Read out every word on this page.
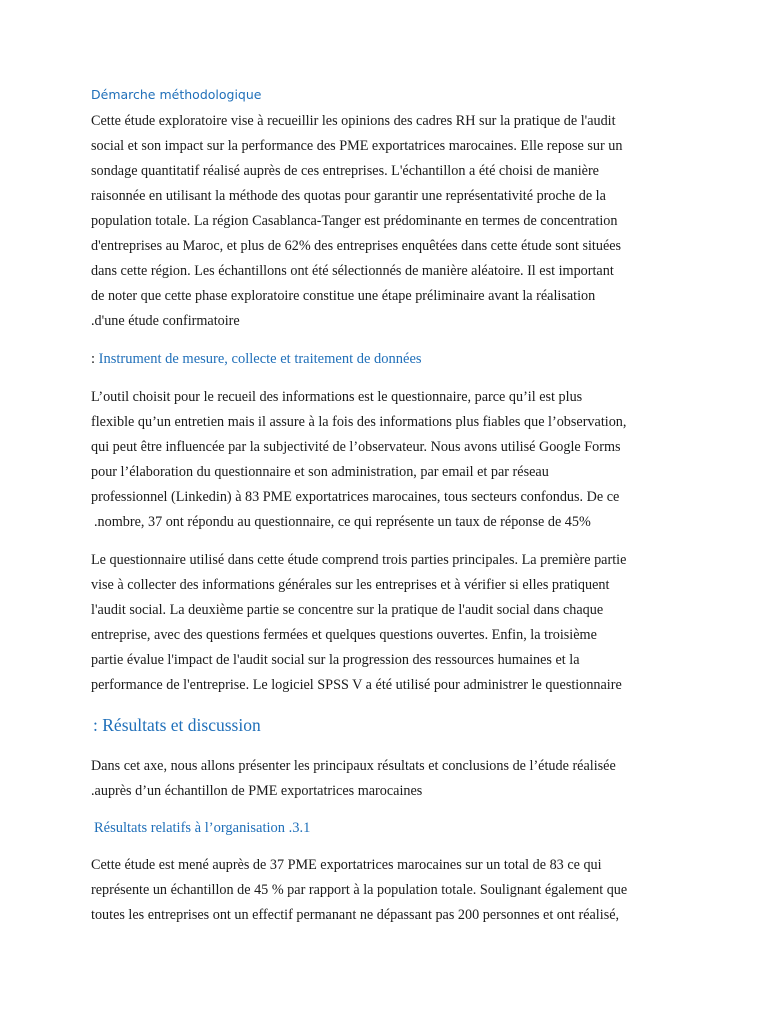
Démarche méthodologique
Cette étude exploratoire vise à recueillir les opinions des cadres RH sur la pratique de l'audit
social et son impact sur la performance des PME exportatrices marocaines. Elle repose sur un
sondage quantitatif réalisé auprès de ces entreprises. L'échantillon a été choisi de manière
raisonnée en utilisant la méthode des quotas pour garantir une représentativité proche de la
population totale. La région Casablanca-Tanger est prédominante en termes de concentration
d'entreprises au Maroc, et plus de 62% des entreprises enquêtées dans cette étude sont situées
dans cette région. Les échantillons ont été sélectionnés de manière aléatoire. Il est important
de noter que cette phase exploratoire constitue une étape préliminaire avant la réalisation
.d'une étude confirmatoire
: Instrument de mesure, collecte et traitement de données
L’outil choisit pour le recueil des informations est le questionnaire, parce qu’il est plus
flexible qu’un entretien mais il assure à la fois des informations plus fiables que l’observation,
qui peut être influencée par la subjectivité de l’observateur. Nous avons utilisé Google Forms
pour l’élaboration du questionnaire et son administration, par email et par réseau
professionnel (Linkedin) à 83 PME exportatrices marocaines, tous secteurs confondus. De ce
.nombre, 37 ont répondu au questionnaire, ce qui représente un taux de réponse de 45%
Le questionnaire utilisé dans cette étude comprend trois parties principales. La première partie
vise à collecter des informations générales sur les entreprises et à vérifier si elles pratiquent
l'audit social. La deuxième partie se concentre sur la pratique de l'audit social dans chaque
entreprise, avec des questions fermées et quelques questions ouvertes. Enfin, la troisième
partie évalue l'impact de l'audit social sur la progression des ressources humaines et la
performance de l'entreprise. Le logiciel SPSS V a été utilisé pour administrer le questionnaire
: Résultats et discussion
Dans cet axe, nous allons présenter les principaux résultats et conclusions de l’étude réalisée
.auprès d’un échantillon de PME exportatrices marocaines
Résultats relatifs à l’organisation .3.1
Cette étude est mené auprès de 37 PME exportatrices marocaines sur un total de 83 ce qui
représente un échantillon de 45 % par rapport à la population totale. Soulignant également que
toutes les entreprises ont un effectif permanant ne dépassant pas 200 personnes et ont réalisé,
